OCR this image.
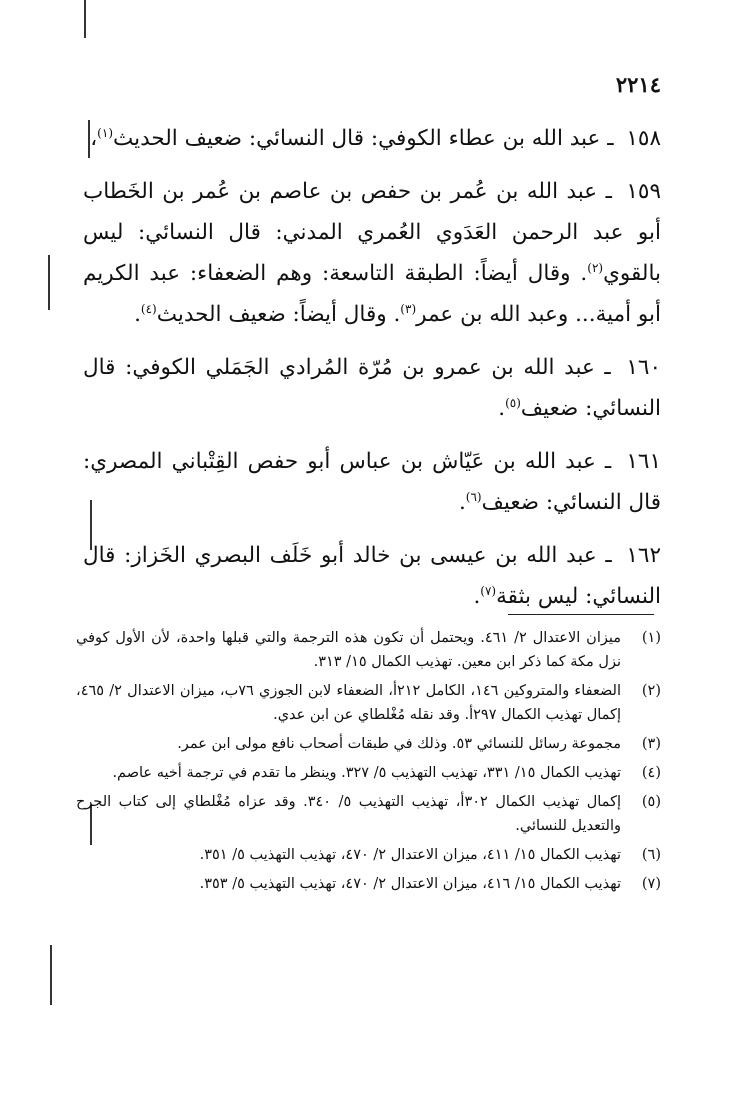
٢٢١٤

١٥٨ ـ عبد الله بن عطاء الكوفي: قال النسائي: ضعيف الحديث$^{(١)}$،

١٥٩ ـ عبد الله بن عُمر بن حفص بن عاصم بن عُمر بن الخَطاب أبو عبد الرحمن العَدَوي العُمري المدني: قال النسائي: ليس بالقوي$^{(٢)}$. وقال أيضاً: الطبقة التاسعة: وهم الضعفاء: عبد الكريم أبو أمية... وعبد الله بن عمر$^{(٣)}$. وقال أيضاً: ضعيف الحديث$^{(٤)}$.

١٦٠ ـ عبد الله بن عمرو بن مُرّة المُرادي الجَمَلي الكوفي: قال النسائي: ضعيف$^{(٥)}$.

١٦١ ـ عبد الله بن عَيّاش بن عباس أبو حفص القِتْباني المصري: قال النسائي: ضعيف$^{(٦)}$.

١٦٢ ـ عبد الله بن عيسى بن خالد أبو خَلَف البصري الخَزاز: قال النسائي: ليس بثقة$^{(٧)}$.

(١)
ميزان الاعتدال ٢/ ٤٦١. ويحتمل أن تكون هذه الترجمة والتي قبلها واحدة، لأن الأول كوفي نزل مكة كما ذكر ابن معين. تهذيب الكمال ١٥/ ٣١٣.
(٢)
الضعفاء والمتروكين ١٤٦، الكامل ٢١٢أ، الضعفاء لابن الجوزي ٧٦ب، ميزان الاعتدال ٢/ ٤٦٥، إكمال تهذيب الكمال ٢٩٧أ. وقد نقله مُغْلطاي عن ابن عدي.
(٣)
مجموعة رسائل للنسائي ٥٣. وذلك في طبقات أصحاب نافع مولى ابن عمر.
(٤)
تهذيب الكمال ١٥/ ٣٣١، تهذيب التهذيب ٥/ ٣٢٧. وينظر ما تقدم في ترجمة أخيه عاصم.
(٥)
إكمال تهذيب الكمال ٣٠٢أ، تهذيب التهذيب ٥/ ٣٤٠. وقد عزاه مُغْلطاي إلى كتاب الجرح والتعديل للنسائي.
(٦)
تهذيب الكمال ١٥/ ٤١١، ميزان الاعتدال ٢/ ٤٧٠، تهذيب التهذيب ٥/ ٣٥١.
(٧)
تهذيب الكمال ١٥/ ٤١٦، ميزان الاعتدال ٢/ ٤٧٠، تهذيب التهذيب ٥/ ٣٥٣.
